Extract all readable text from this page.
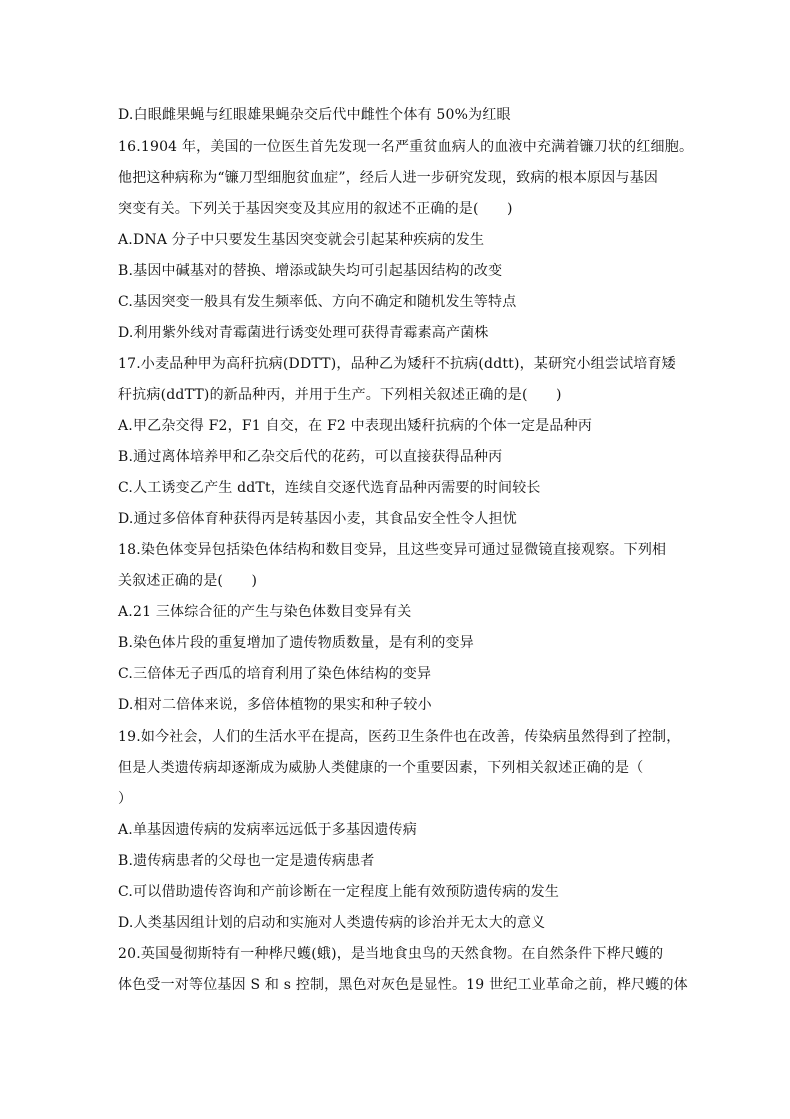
D.白眼雌果蝇与红眼雄果蝇杂交后代中雌性个体有 50%为红眼
16.1904 年，美国的一位医生首先发现一名严重贫血病人的血液中充满着镰刀状的红细胞。
他把这种病称为“镰刀型细胞贫血症”，经后人进一步研究发现，致病的根本原因与基因
突变有关。下列关于基因突变及其应用的叙述不正确的是(　　)
A.DNA 分子中只要发生基因突变就会引起某种疾病的发生
B.基因中碱基对的替换、增添或缺失均可引起基因结构的改变
C.基因突变一般具有发生频率低、方向不确定和随机发生等特点
D.利用紫外线对青霉菌进行诱变处理可获得青霉素高产菌株
17.小麦品种甲为高秆抗病(DDTT)，品种乙为矮秆不抗病(ddtt)，某研究小组尝试培育矮
秆抗病(ddTT)的新品种丙，并用于生产。下列相关叙述正确的是(　　)
A.甲乙杂交得 F2，F1 自交，在 F2 中表现出矮秆抗病的个体一定是品种丙
B.通过离体培养甲和乙杂交后代的花药，可以直接获得品种丙
C.人工诱变乙产生 ddTt，连续自交逐代选育品种丙需要的时间较长
D.通过多倍体育种获得丙是转基因小麦，其食品安全性令人担忧
18.染色体变异包括染色体结构和数目变异，且这些变异可通过显微镜直接观察。下列相
关叙述正确的是(　　)
A.21 三体综合征的产生与染色体数目变异有关
B.染色体片段的重复增加了遗传物质数量，是有利的变异
C.三倍体无子西瓜的培育利用了染色体结构的变异
D.相对二倍体来说，多倍体植物的果实和种子较小
19.如今社会，人们的生活水平在提高，医药卫生条件也在改善，传染病虽然得到了控制，
但是人类遗传病却逐渐成为威胁人类健康的一个重要因素，下列相关叙述正确的是（
）
A.单基因遗传病的发病率远远低于多基因遗传病
B.遗传病患者的父母也一定是遗传病患者
C.可以借助遗传咨询和产前诊断在一定程度上能有效预防遗传病的发生
D.人类基因组计划的启动和实施对人类遗传病的诊治并无太大的意义
20.英国曼彻斯特有一种桦尺蠖(蛾)，是当地食虫鸟的天然食物。在自然条件下桦尺蠖的
体色受一对等位基因 S 和 s 控制，黑色对灰色是显性。19 世纪工业革命之前，桦尺蠖的体
